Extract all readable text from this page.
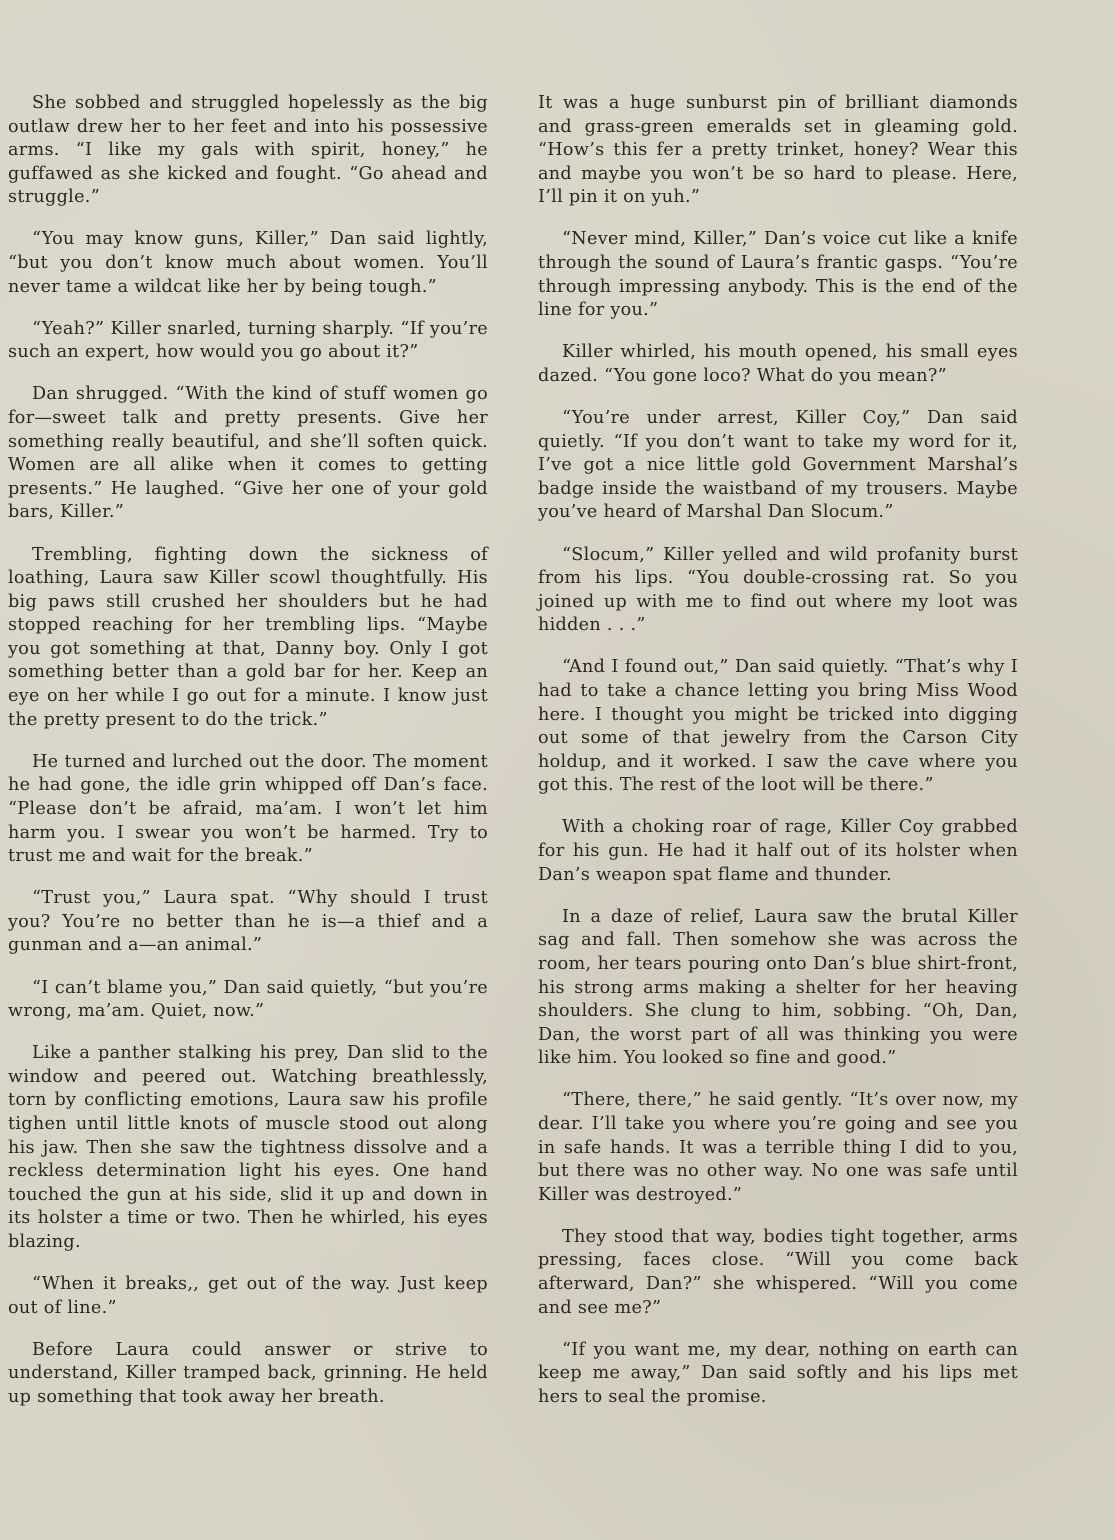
She sobbed and struggled hopelessly as the big outlaw drew her to her feet and into his possessive arms. “I like my gals with spirit, honey,” he guffawed as she kicked and fought. “Go ahead and struggle.”

“You may know guns, Killer,” Dan said lightly, “but you don’t know much about women. You’ll never tame a wildcat like her by being tough.”

“Yeah?” Killer snarled, turning sharply. “If you’re such an expert, how would you go about it?”

Dan shrugged. “With the kind of stuff women go for—sweet talk and pretty presents. Give her something really beautiful, and she’ll soften quick. Women are all alike when it comes to getting presents.” He laughed. “Give her one of your gold bars, Killer.”

Trembling, fighting down the sickness of loathing, Laura saw Killer scowl thoughtfully. His big paws still crushed her shoulders but he had stopped reaching for her trembling lips. “Maybe you got something at that, Danny boy. Only I got something better than a gold bar for her. Keep an eye on her while I go out for a minute. I know just the pretty present to do the trick.”

He turned and lurched out the door. The moment he had gone, the idle grin whipped off Dan’s face. “Please don’t be afraid, ma’am. I won’t let him harm you. I swear you won’t be harmed. Try to trust me and wait for the break.”

“Trust you,” Laura spat. “Why should I trust you? You’re no better than he is—a thief and a gunman and a—an animal.”

“I can’t blame you,” Dan said quietly, “but you’re wrong, ma’am. Quiet, now.”

Like a panther stalking his prey, Dan slid to the window and peered out. Watching breathlessly, torn by conflicting emotions, Laura saw his profile tighen until little knots of muscle stood out along his jaw. Then she saw the tightness dissolve and a reckless determination light his eyes. One hand touched the gun at his side, slid it up and down in its holster a time or two. Then he whirled, his eyes blazing.

“When it breaks,, get out of the way. Just keep out of line.”

Before Laura could answer or strive to understand, Killer tramped back, grinning. He held up something that took away her breath.

It was a huge sunburst pin of brilliant diamonds and grass-green emeralds set in gleaming gold. “How’s this fer a pretty trinket, honey? Wear this and maybe you won’t be so hard to please. Here, I’ll pin it on yuh.”

“Never mind, Killer,” Dan’s voice cut like a knife through the sound of Laura’s frantic gasps. “You’re through impressing anybody. This is the end of the line for you.”

Killer whirled, his mouth opened, his small eyes dazed. “You gone loco? What do you mean?”

“You’re under arrest, Killer Coy,” Dan said quietly. “If you don’t want to take my word for it, I’ve got a nice little gold Government Marshal’s badge inside the waistband of my trousers. Maybe you’ve heard of Marshal Dan Slocum.”

“Slocum,” Killer yelled and wild profanity burst from his lips. “You double-crossing rat. So you joined up with me to find out where my loot was hidden . . .”

“And I found out,” Dan said quietly. “That’s why I had to take a chance letting you bring Miss Wood here. I thought you might be tricked into digging out some of that jewelry from the Carson City holdup, and it worked. I saw the cave where you got this. The rest of the loot will be there.”

With a choking roar of rage, Killer Coy grabbed for his gun. He had it half out of its holster when Dan’s weapon spat flame and thunder.

In a daze of relief, Laura saw the brutal Killer sag and fall. Then somehow she was across the room, her tears pouring onto Dan’s blue shirt-front, his strong arms making a shelter for her heaving shoulders. She clung to him, sobbing. “Oh, Dan, Dan, the worst part of all was thinking you were like him. You looked so fine and good.”

“There, there,” he said gently. “It’s over now, my dear. I’ll take you where you’re going and see you in safe hands. It was a terrible thing I did to you, but there was no other way. No one was safe until Killer was destroyed.”

They stood that way, bodies tight together, arms pressing, faces close. “Will you come back afterward, Dan?” she whispered. “Will you come and see me?”

“If you want me, my dear, nothing on earth can keep me away,” Dan said softly and his lips met hers to seal the promise.
